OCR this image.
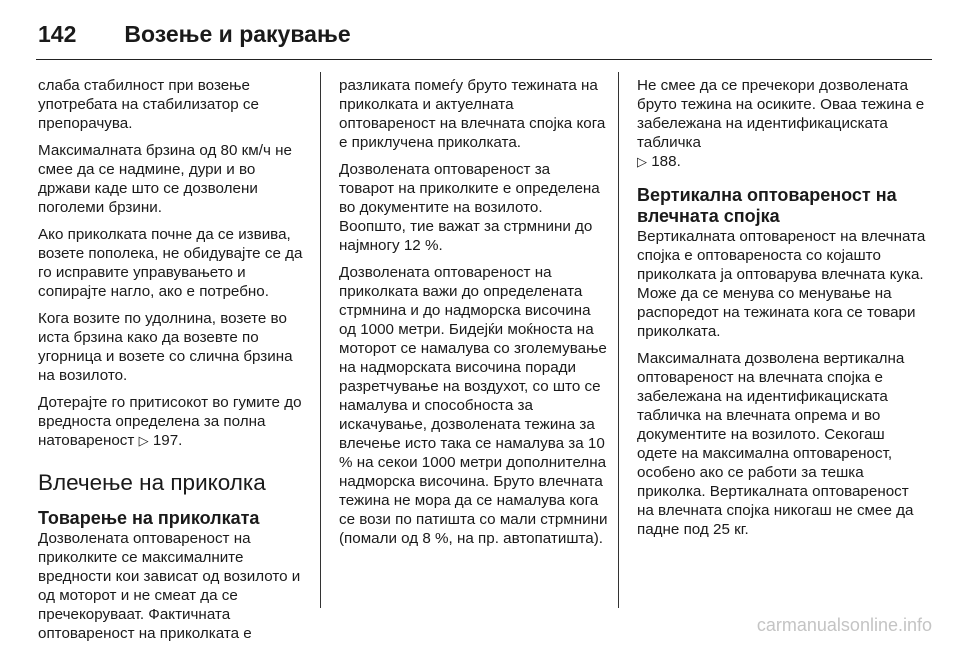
142 Возење и ракување

слаба стабилност при возење употребата на стабилизатор се препорачува.

Максималната брзина од 80 км/ч не смее да се надмине, дури и во држави каде што се дозволени поголеми брзини.

Ако приколката почне да се извива, возете пополека, не обидувајте се да го исправите управувањето и сопирајте нагло, ако е потребно.

Кога возите по удолнина, возете во иста брзина како да возевте по угорница и возете со слична брзина на возилото.

Дотерајте го притисокот во гумите до вредноста определена за полна натовареност ▷ 197.

Влечење на приколка
Товарење на приколката

Дозволената оптовареност на приколките се максималните вредности кои зависат од возилото и од моторот и не смеат да се пречекоруваат. Фактичната оптовареност на приколката е

разликата помеѓу бруто тежината на приколката и актуелната оптовареност на влечната спојка кога е приклучена приколката.

Дозволената оптовареност за товарот на приколките е определена во документите на возилото. Воопшто, тие важат за стрмнини до најмногу 12 %.

Дозволената оптовареност на приколката важи до определената стрмнина и до надморска височина од 1000 метри. Бидејќи моќноста на моторот се намалува со зголемување на надморската височина поради разретчување на воздухот, со што се намалува и способноста за искачување, дозволената тежина за влечење исто така се намалува за 10 % на секои 1000 метри дополнителна надморска височина. Бруто влечната тежина не мора да се намалува кога се вози по патишта со мали стрмнини (помали од 8 %, на пр. автопатишта).

Не смее да се пречекори дозволената бруто тежина на осиките. Оваа тежина е забележана на идентификациската табличка
▷ 188.

Вертикална оптовареност на влечната спојка

Вертикалната оптовареност на влечната спојка е оптовареноста со којашто приколката ја оптоварува влечната кука. Може да се менува со менување на распоредот на тежината кога се товари приколката.

Максималната дозволена вертикална оптовареност на влечната спојка е забележана на идентификациската табличка на влечната опрема и во документите на возилото. Секогаш одете на максимална оптовареност, особено ако се работи за тешка приколка. Вертикалната оптовареност на влечната спојка никогаш не смее да падне под 25 кг.

carmanualsonline.info
